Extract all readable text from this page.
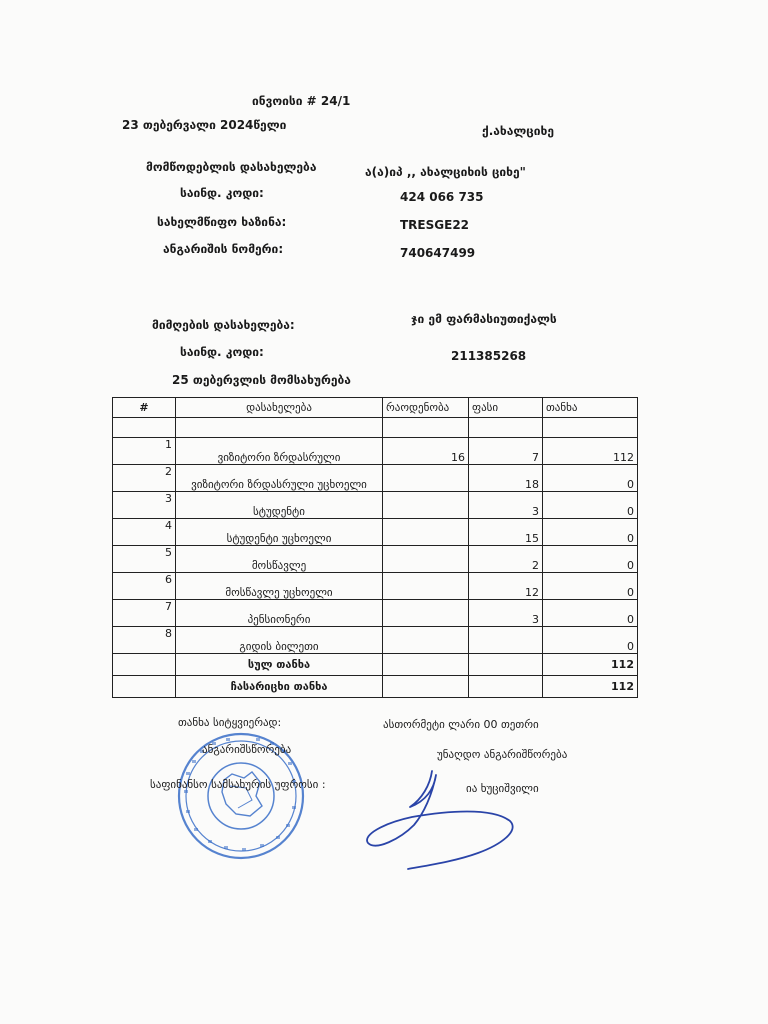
ინვოისი # 24/1
23 თებერვალი 2024წელი	ქ.ახალციხე
მომწოდებლის დასახელება	ა(ა)იპ ,, ახალციხის ციხე"
საინდ. კოდი:	424 066 735
სახელმწიფო ხაზინა:	TRESGE22
ანგარიშის ნომერი:	740647499
მიმღების დასახელება:	ჯი ემ ფარმასიუთიქალს
საინდ. კოდი:	211385268
25 თებერვლის მომსახურება
#	დასახელება	რაოდენობა	ფასი	თანხა

1	ვიზიტორი ზრდასრული	16	7	112
2	ვიზიტორი ზრდასრული უცხოელი		18	0
3	სტუდენტი		3	0
4	სტუდენტი უცხოელი		15	0
5	მოსწავლე		2	0
6	მოსწავლე უცხოელი		12	0
7	პენსიონერი		3	0
8	გიდის ბილეთი			0
	სულ თანხა			112
	ჩასარიცხი თანხა			112
თანხა სიტყვიერად:	ასთორმეტი ლარი 00 თეთრი
ანგარიშსწორება	უნაღდო ანგარიშწორება
საფინანსო სამსახურის უფროსი :	ია ხუციშვილი
